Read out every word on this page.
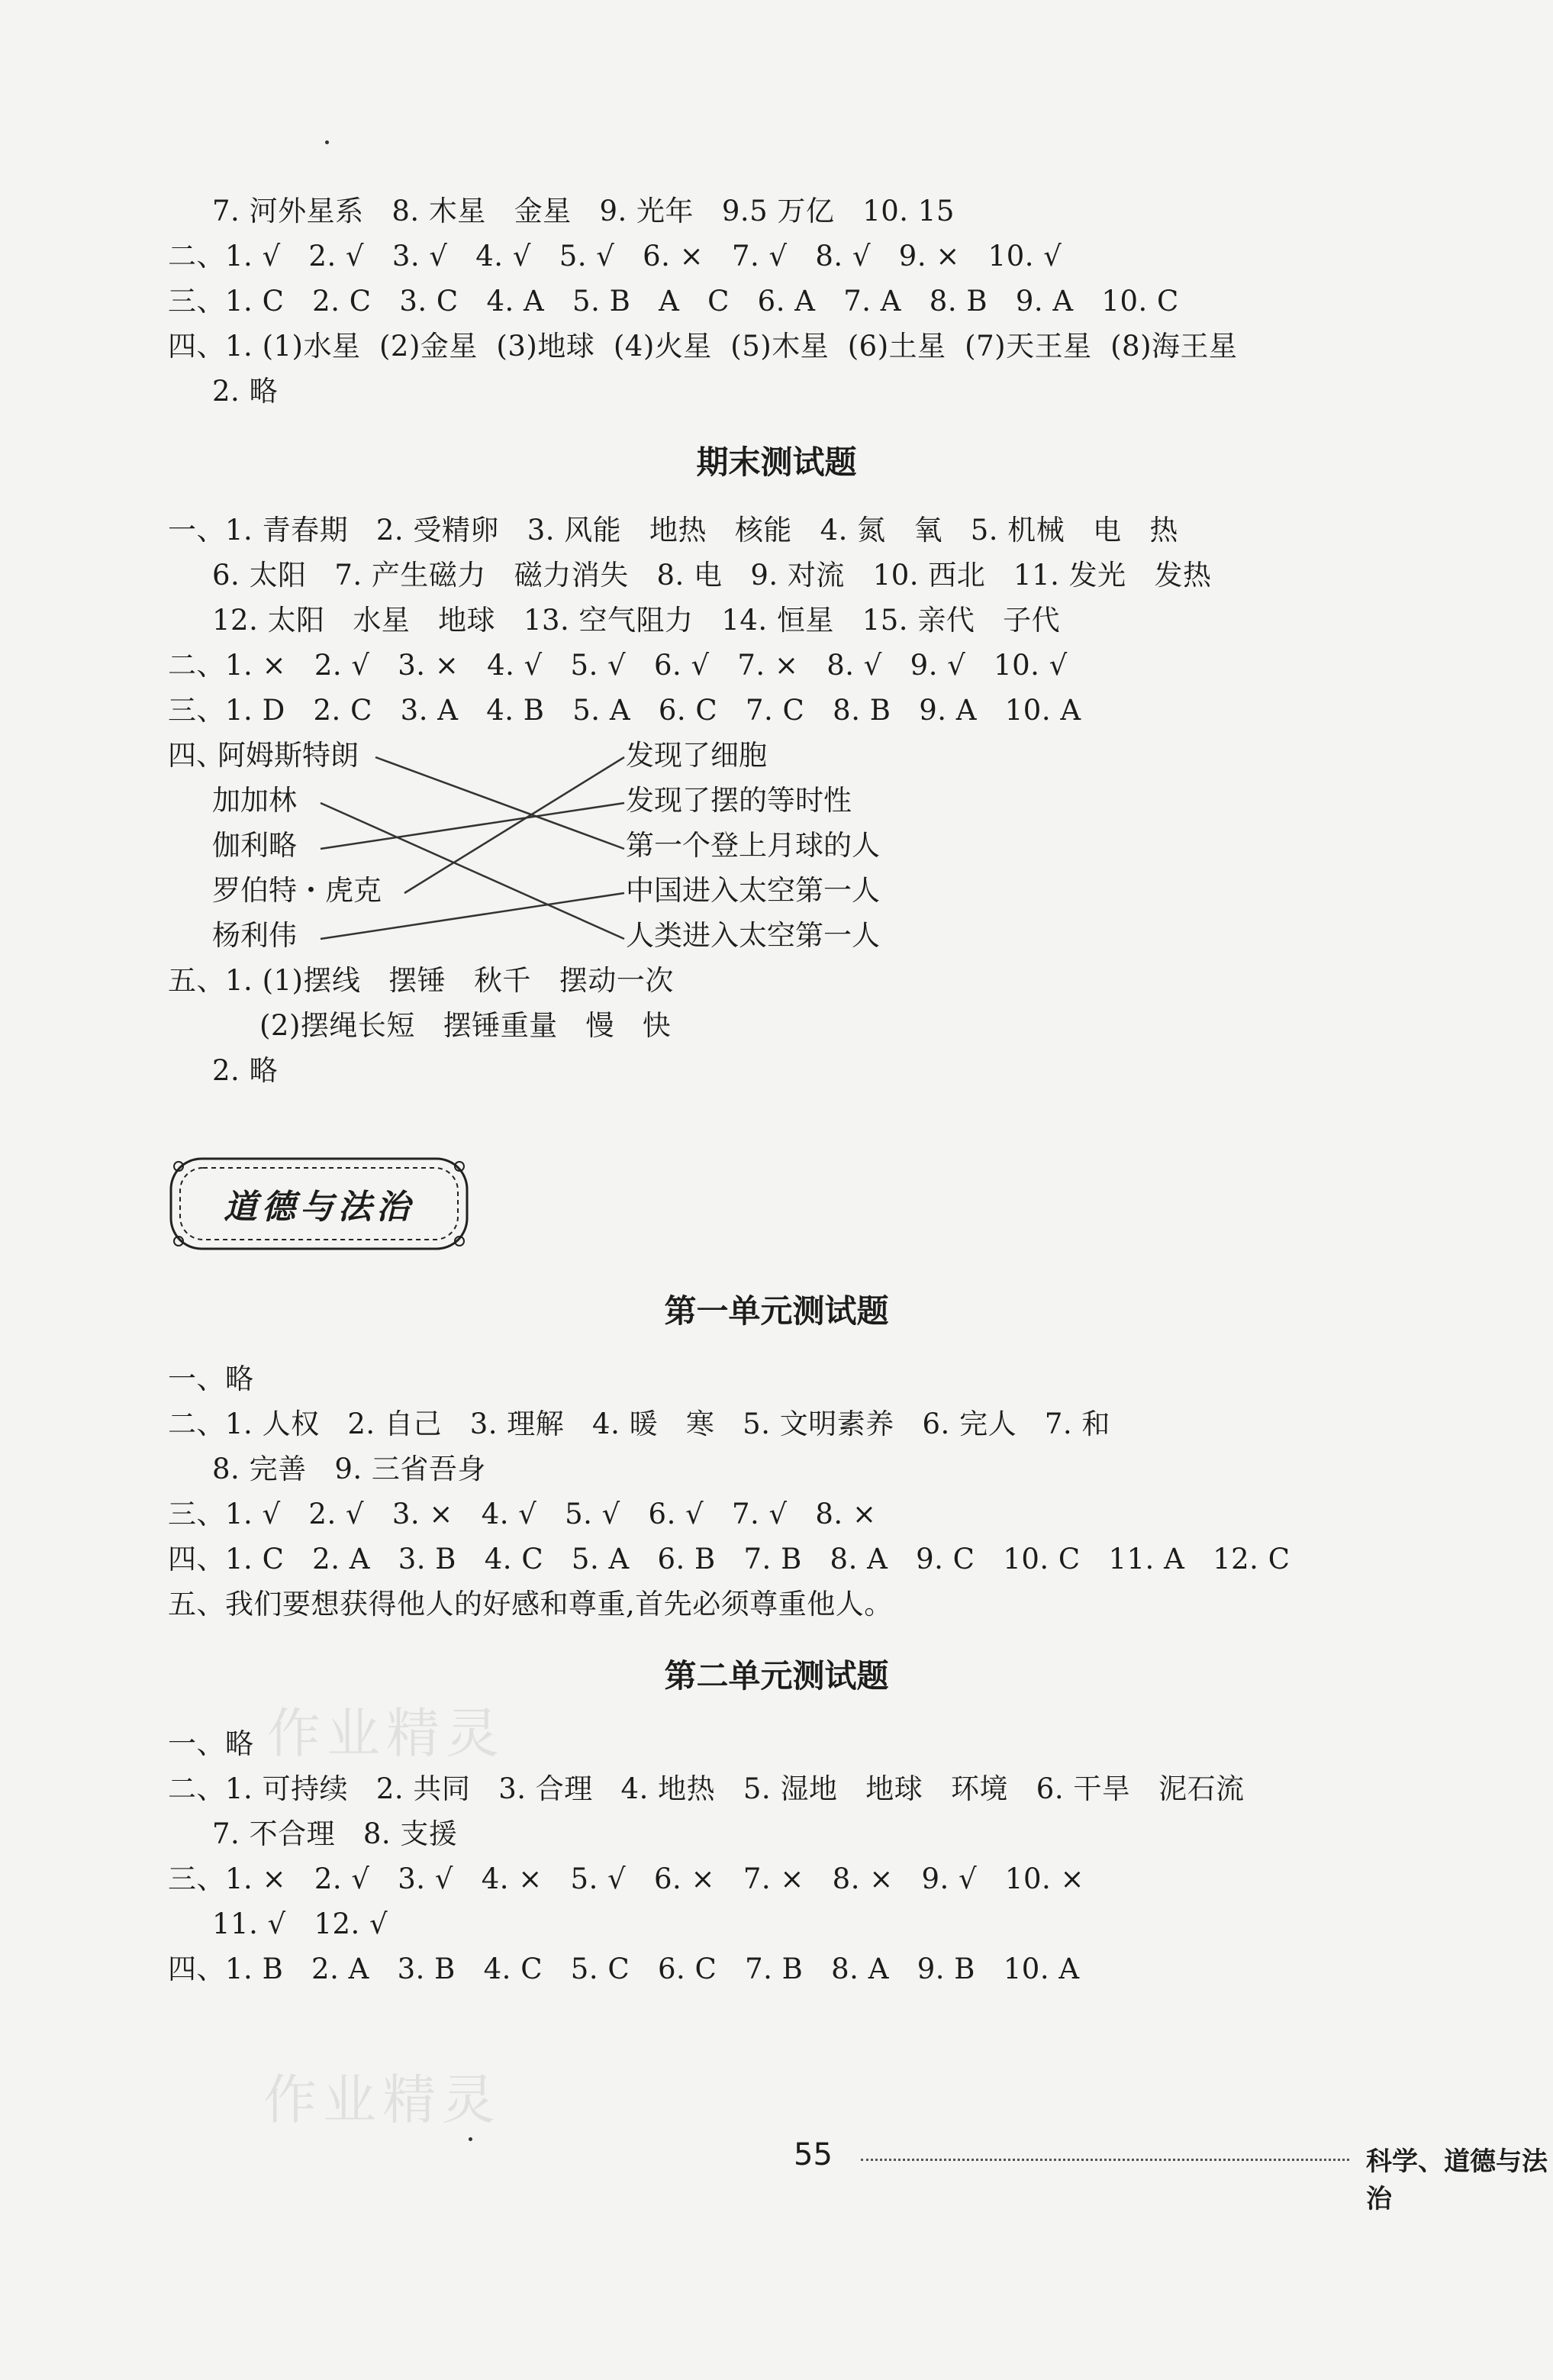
7. 河外星系   8. 木星   金星   9. 光年   9.5 万亿   10. 15
二、1. √   2. √   3. √   4. √   5. √   6. ×   7. √   8. √   9. ×   10. √
三、1. C   2. C   3. C   4. A   5. B   A   C   6. A   7. A   8. B   9. A   10. C
四、1. (1)水星  (2)金星  (3)地球  (4)火星  (5)木星  (6)土星  (7)天王星  (8)海王星
2. 略
期末测试题
一、1. 青春期   2. 受精卵   3. 风能   地热   核能   4. 氮   氧   5. 机械   电   热
6. 太阳   7. 产生磁力   磁力消失   8. 电   9. 对流   10. 西北   11. 发光   发热
12. 太阳   水星   地球   13. 空气阻力   14. 恒星   15. 亲代   子代
二、1. ×   2. √   3. ×   4. √   5. √   6. √   7. ×   8. √   9. √   10. √
三、1. D   2. C   3. A   4. B   5. A   6. C   7. C   8. B   9. A   10. A
四、
阿姆斯特朗
加加林
伽利略
罗伯特・虎克
杨利伟
发现了细胞
发现了摆的等时性
第一个登上月球的人
中国进入太空第一人
人类进入太空第一人
五、1. (1)摆线   摆锤   秋千   摆动一次
(2)摆绳长短   摆锤重量   慢   快
2. 略
道德与法治
第一单元测试题
一、略
二、1. 人权   2. 自己   3. 理解   4. 暖   寒   5. 文明素养   6. 完人   7. 和
8. 完善   9. 三省吾身
三、1. √   2. √   3. ×   4. √   5. √   6. √   7. √   8. ×
四、1. C   2. A   3. B   4. C   5. A   6. B   7. B   8. A   9. C   10. C   11. A   12. C
五、我们要想获得他人的好感和尊重,首先必须尊重他人。
第二单元测试题
作业精灵
一、略
二、1. 可持续   2. 共同   3. 合理   4. 地热   5. 湿地   地球   环境   6. 干旱   泥石流
7. 不合理   8. 支援
三、1. ×   2. √   3. √   4. ×   5. √   6. ×   7. ×   8. ×   9. √   10. ×
11. √   12. √
四、1. B   2. A   3. B   4. C   5. C   6. C   7. B   8. A   9. B   10. A
作业精灵
55	科学、道德与法治
